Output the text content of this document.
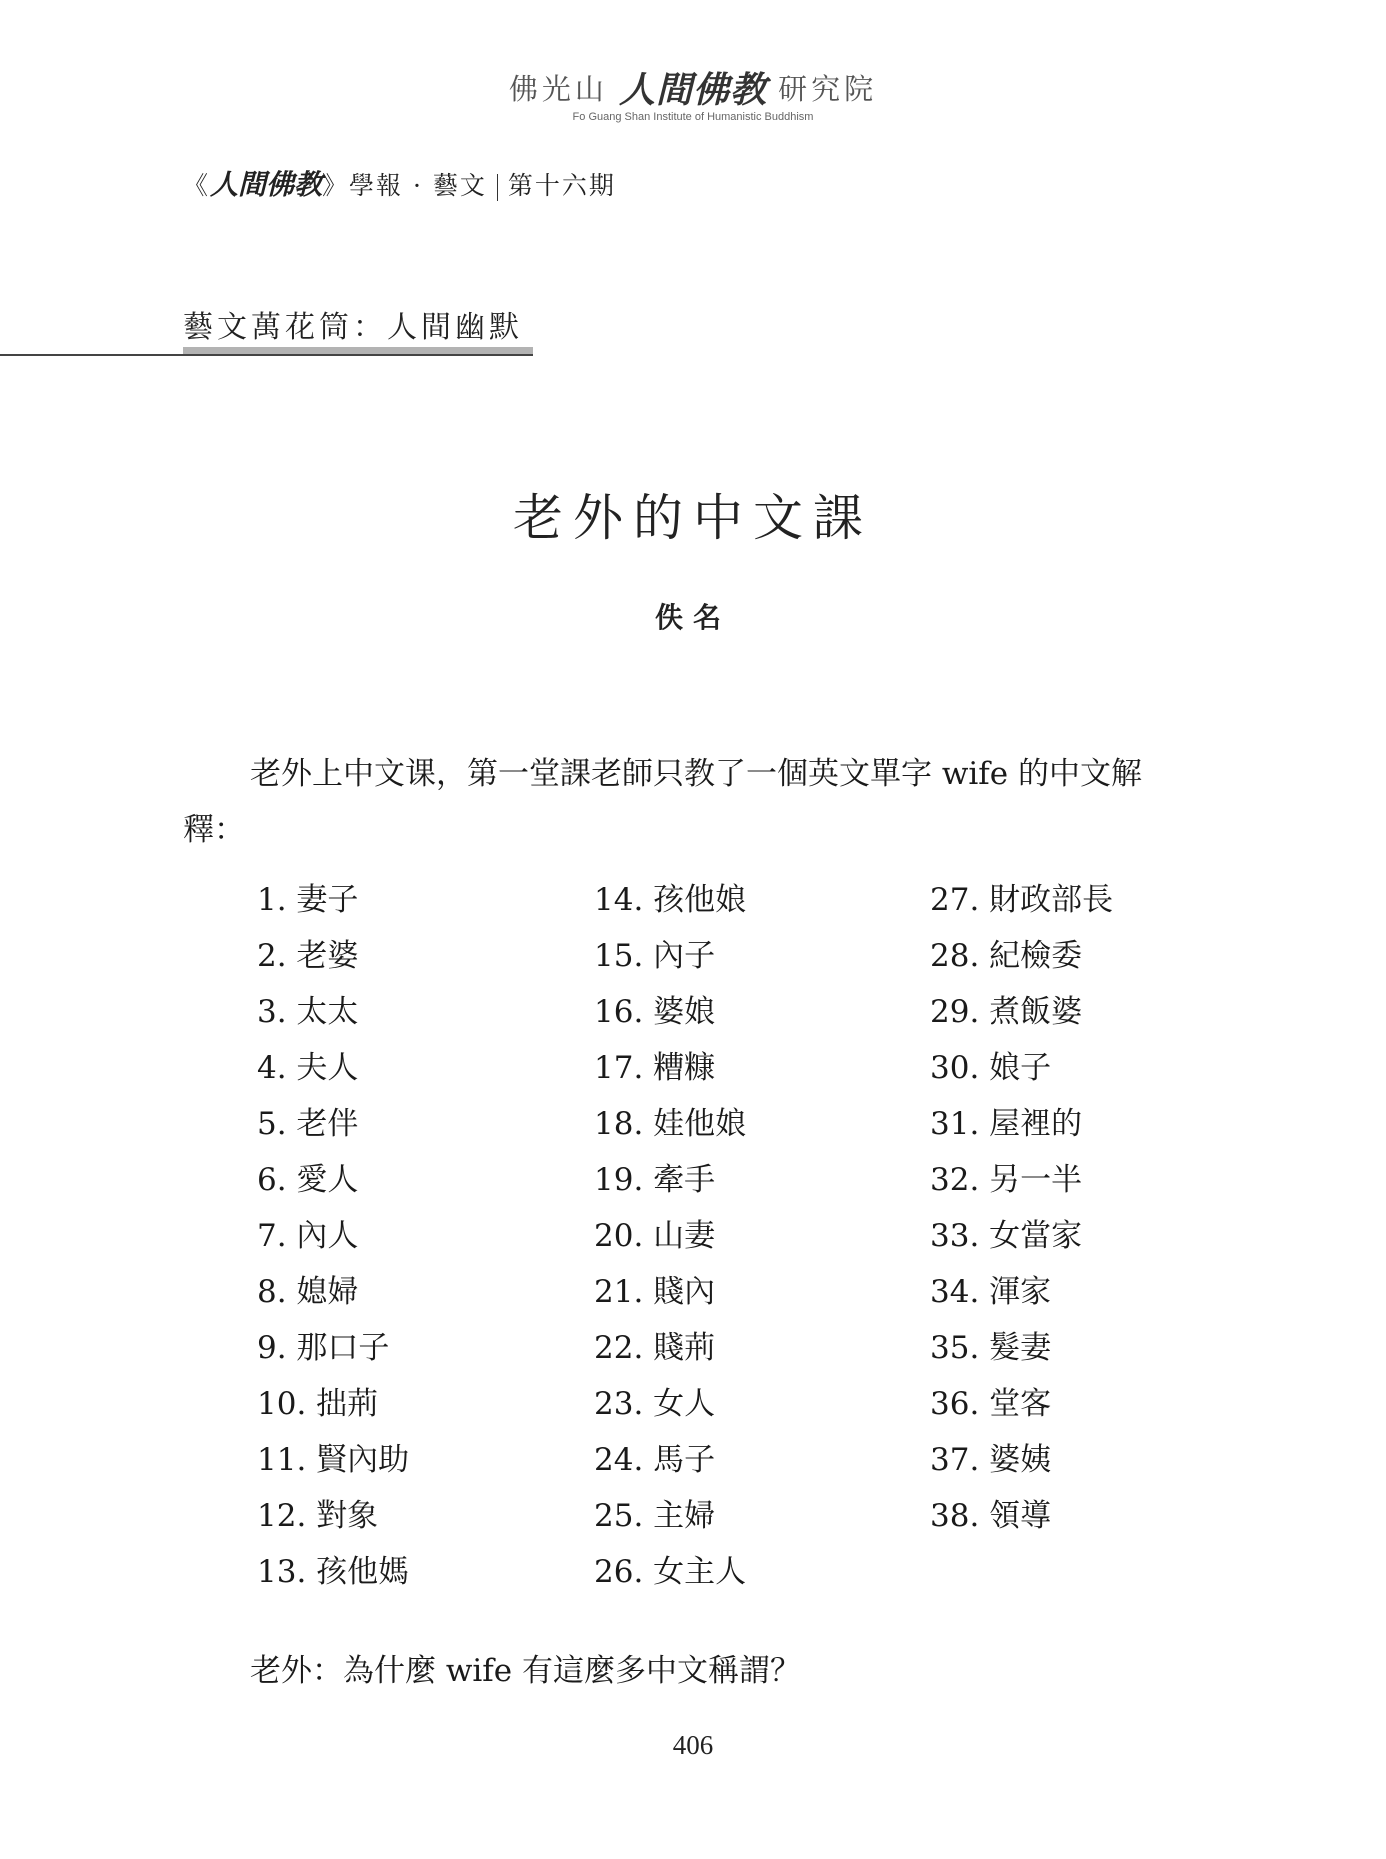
佛光山 人間佛教 研究院
Fo Guang Shan Institute of Humanistic Buddhism
《人間佛教》學報 · 藝文 第十六期
藝文萬花筒：人間幽默
老外的中文課
佚名
老外上中文课，第一堂課老師只教了一個英文單字 wife 的中文解釋：
1. 妻子
2. 老婆
3. 太太
4. 夫人
5. 老伴
6. 愛人
7. 內人
8. 媳婦
9. 那口子
10. 拙荊
11. 賢內助
12. 對象
13. 孩他媽
14. 孩他娘
15. 內子
16. 婆娘
17. 糟糠
18. 娃他娘
19. 牽手
20. 山妻
21. 賤內
22. 賤荊
23. 女人
24. 馬子
25. 主婦
26. 女主人
27. 財政部長
28. 紀檢委
29. 煮飯婆
30. 娘子
31. 屋裡的
32. 另一半
33. 女當家
34. 渾家
35. 髮妻
36. 堂客
37. 婆姨
38. 領導
老外：為什麼 wife 有這麼多中文稱謂？
406
